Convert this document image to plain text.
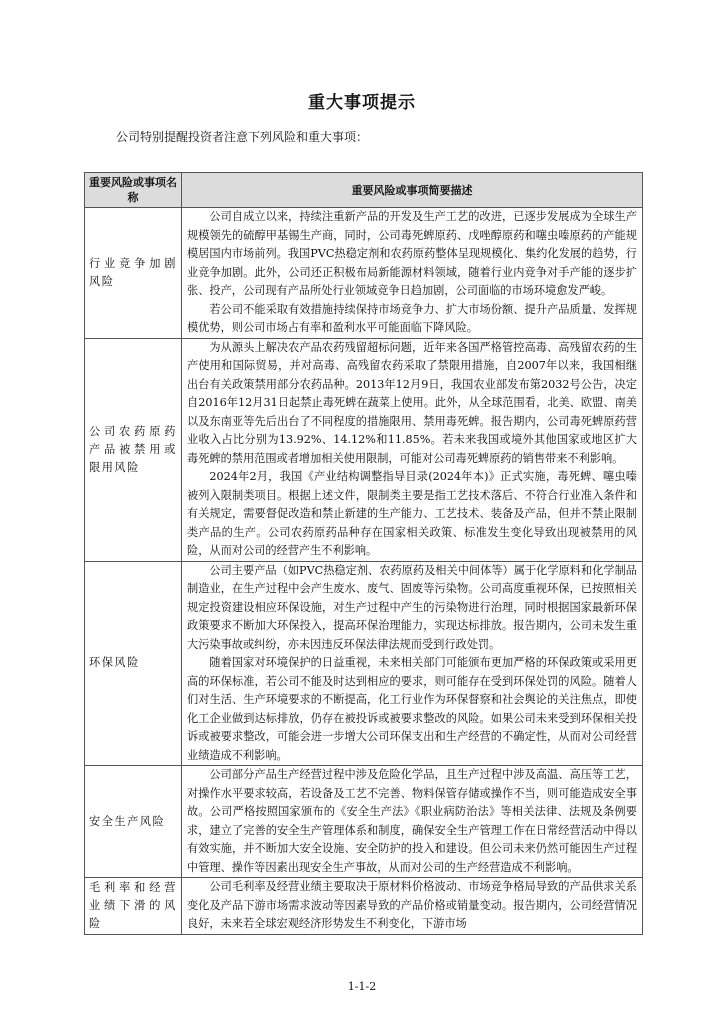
重大事项提示
公司特别提醒投资者注意下列风险和重大事项：
重要风险或事项名称	重要风险或事项简要描述
行业竞争加剧风险	公司自成立以来，持续注重新产品的开发及生产工艺的改进，已逐步发展成为全球生产规模领先的硫醇甲基锡生产商，同时，公司毒死蜱原药、戊唑醇原药和噻虫嗪原药的产能规模居国内市场前列。我国PVC热稳定剂和农药原药整体呈现规模化、集约化发展的趋势，行业竞争加剧。此外，公司还正积极布局新能源材料领域，随着行业内竞争对手产能的逐步扩张、投产，公司现有产品所处行业领域竞争日趋加剧，公司面临的市场环境愈发严峻。

若公司不能采取有效措施持续保持市场竞争力、扩大市场份额、提升产品质量、发挥规模优势，则公司市场占有率和盈利水平可能面临下降风险。

公司农药原药产品被禁用或限用风险	为从源头上解决农产品农药残留超标问题，近年来各国严格管控高毒、高残留农药的生产使用和国际贸易，并对高毒、高残留农药采取了禁限用措施，自2007年以来，我国相继出台有关政策禁用部分农药品种。2013年12月9日，我国农业部发布第2032号公告，决定自2016年12月31日起禁止毒死蜱在蔬菜上使用。此外，从全球范围看，北美、欧盟、南美以及东南亚等先后出台了不同程度的措施限用、禁用毒死蜱。报告期内，公司毒死蜱原药营业收入占比分别为13.92%、14.12%和11.85%。若未来我国或境外其他国家或地区扩大毒死蜱的禁用范围或者增加相关使用限制，可能对公司毒死蜱原药的销售带来不利影响。

2024年2月，我国《产业结构调整指导目录(2024年本)》正式实施，毒死蜱、噻虫嗪被列入限制类项目。根据上述文件，限制类主要是指工艺技术落后、不符合行业准入条件和有关规定，需要督促改造和禁止新建的生产能力、工艺技术、装备及产品，但并不禁止限制类产品的生产。公司农药原药品种存在国家相关政策、标准发生变化导致出现被禁用的风险，从而对公司的经营产生不利影响。

环保风险	公司主要产品（如PVC热稳定剂、农药原药及相关中间体等）属于化学原料和化学制品制造业，在生产过程中会产生废水、废气、固废等污染物。公司高度重视环保，已按照相关规定投资建设相应环保设施，对生产过程中产生的污染物进行治理，同时根据国家最新环保政策要求不断加大环保投入，提高环保治理能力，实现达标排放。报告期内，公司未发生重大污染事故或纠纷，亦未因违反环保法律法规而受到行政处罚。

随着国家对环境保护的日益重视，未来相关部门可能颁布更加严格的环保政策或采用更高的环保标准，若公司不能及时达到相应的要求，则可能存在受到环保处罚的风险。随着人们对生活、生产环境要求的不断提高，化工行业作为环保督察和社会舆论的关注焦点，即使化工企业做到达标排放，仍存在被投诉或被要求整改的风险。如果公司未来受到环保相关投诉或被要求整改，可能会进一步增大公司环保支出和生产经营的不确定性，从而对公司经营业绩造成不利影响。

安全生产风险	公司部分产品生产经营过程中涉及危险化学品，且生产过程中涉及高温、高压等工艺，对操作水平要求较高，若设备及工艺不完善、物料保管存储或操作不当，则可能造成安全事故。公司严格按照国家颁布的《安全生产法》《职业病防治法》等相关法律、法规及条例要求，建立了完善的安全生产管理体系和制度，确保安全生产管理工作在日常经营活动中得以有效实施，并不断加大安全设施、安全防护的投入和建设。但公司未来仍然可能因生产过程中管理、操作等因素出现安全生产事故，从而对公司的生产经营造成不利影响。

毛利率和经营业绩下滑的风险	公司毛利率及经营业绩主要取决于原材料价格波动、市场竞争格局导致的产品供求关系变化及产品下游市场需求波动等因素导致的产品价格或销量变动。报告期内，公司经营情况良好，未来若全球宏观经济形势发生不利变化，下游市场

1-1-2
